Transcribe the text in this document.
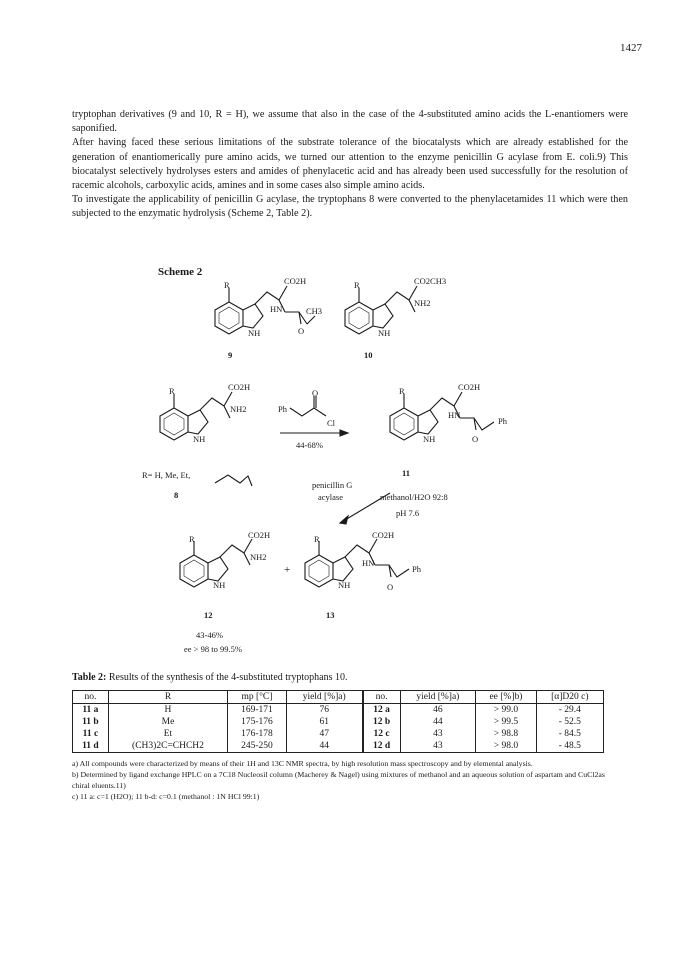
1427

tryptophan derivatives (9 and 10, R = H), we assume that also in the case of the 4-substituted amino acids the L-enantiomers were saponified.

After having faced these serious limitations of the substrate tolerance of the biocatalysts which are already established for the generation of enantiomerically pure amino acids, we turned our attention to the enzyme penicillin G acylase from E. coli.9) This biocatalyst selectively hydrolyses esters and amides of phenylacetic acid and has already been used successfully for the resolution of racemic alcohols, carboxylic acids, amines and in some cases also simple amino acids.

To investigate the applicability of penicillin G acylase, the tryptophans 8 were converted to the phenylacetamides 11 which were then subjected to the enzymatic hydrolysis (Scheme 2, Table 2).

Scheme 2
R	CO2H
HN	CH3
O
NH
9
R	CO2CH3
NH2
NH
10
R	CO2H
NH2
NH
R= H, Me, Et,
8
Ph
O
Cl
44-68%
R	CO2H
HN
Ph
O
NH
11
penicillin G
acylase	methanol/H2O 92:8
pH 7.6
R	CO2H
NH2
NH
+
12
43-46%
ee > 98 to 99.5%
R	CO2H
HN
Ph
O
NH
13
Table 2: Results of the synthesis of the 4-substituted tryptophans 10.
no.	R	mp [°C]	yield [%]a)	no.	yield [%]a)	ee [%]b)	[α]D20 c)
11 a	H	169-171	76	12 a	46	> 99.0	- 29.4
11 b	Me	175-176	61	12 b	44	> 99.5	- 52.5
11 c	Et	176-178	47	12 c	43	> 98.8	- 84.5
11 d	(CH3)2C=CHCH2	245-250	44	12 d	43	> 98.0	- 48.5

a) All compounds were characterized by means of their 1H and 13C NMR spectra, by high resolution mass spectroscopy and by elemental analysis.

b) Determined by ligand exchange HPLC on a 7C18 Nucleosil column (Macherey & Nagel) using mixtures of methanol and an aqueous solution of aspartam and CuCl2as chiral eluents.11)

c) 11 a: c=1 (H2O); 11 b-d: c=0.1 (methanol : 1N HCl 99:1)
